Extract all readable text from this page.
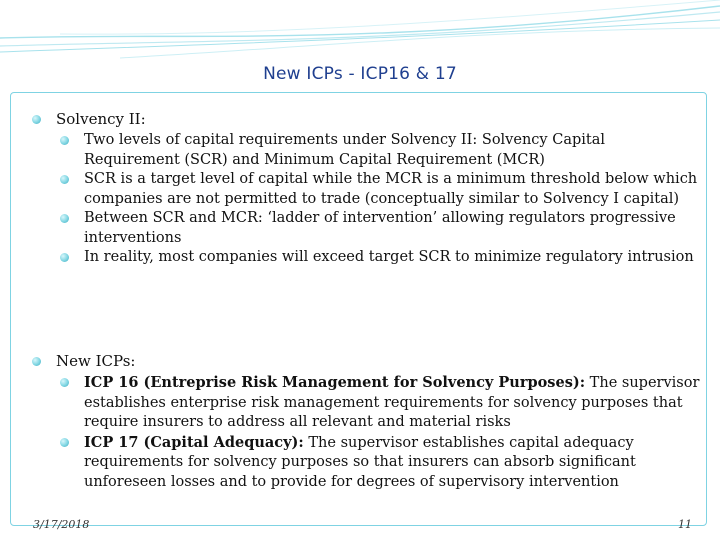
New ICPs - ICP16 & 17
Solvency II:
Two levels of capital requirements under Solvency II: Solvency Capital Requirement (SCR) and Minimum Capital Requirement (MCR)
SCR is a target level of capital while the MCR is a minimum threshold below which companies are not permitted to trade (conceptually similar to Solvency I capital)
Between SCR and MCR: ‘ladder of intervention’ allowing regulators progressive interventions
In reality, most companies will exceed target SCR to minimize regulatory intrusion
New ICPs:
ICP 16 (Entreprise Risk Management for Solvency Purposes): The supervisor establishes enterprise risk management requirements for solvency purposes that require insurers to address all relevant and material risks
ICP 17 (Capital Adequacy): The supervisor establishes capital adequacy requirements for solvency purposes so that insurers can absorb significant unforeseen losses and to provide for degrees of supervisory intervention
3/17/2018	11
